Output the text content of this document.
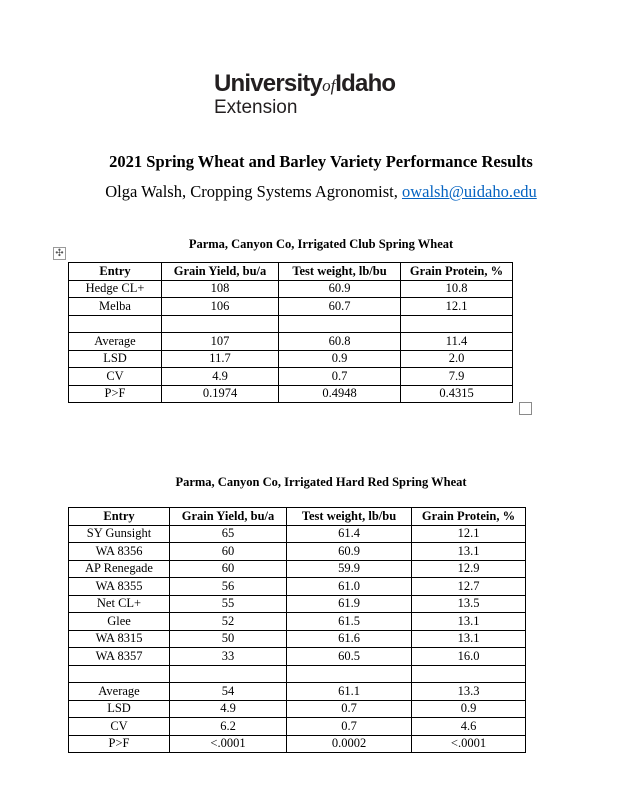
UniversityofIdaho
Extension
2021 Spring Wheat and Barley Variety Performance Results
Olga Walsh, Cropping Systems Agronomist, owalsh@uidaho.edu
✣
Parma, Canyon Co, Irrigated Club Spring Wheat
Entry	Grain Yield, bu/a	Test weight, lb/bu	Grain Protein, %
Hedge CL+	108	60.9	10.8
Melba	106	60.7	12.1

Average	107	60.8	11.4
LSD	11.7	0.9	2.0
CV	4.9	0.7	7.9
P>F	0.1974	0.4948	0.4315
Parma, Canyon Co, Irrigated Hard Red Spring Wheat
Entry	Grain Yield, bu/a	Test weight, lb/bu	Grain Protein, %
SY Gunsight	65	61.4	12.1
WA 8356	60	60.9	13.1
AP Renegade	60	59.9	12.9
WA 8355	56	61.0	12.7
Net CL+	55	61.9	13.5
Glee	52	61.5	13.1
WA 8315	50	61.6	13.1
WA 8357	33	60.5	16.0

Average	54	61.1	13.3
LSD	4.9	0.7	0.9
CV	6.2	0.7	4.6
P>F	<.0001	0.0002	<.0001
